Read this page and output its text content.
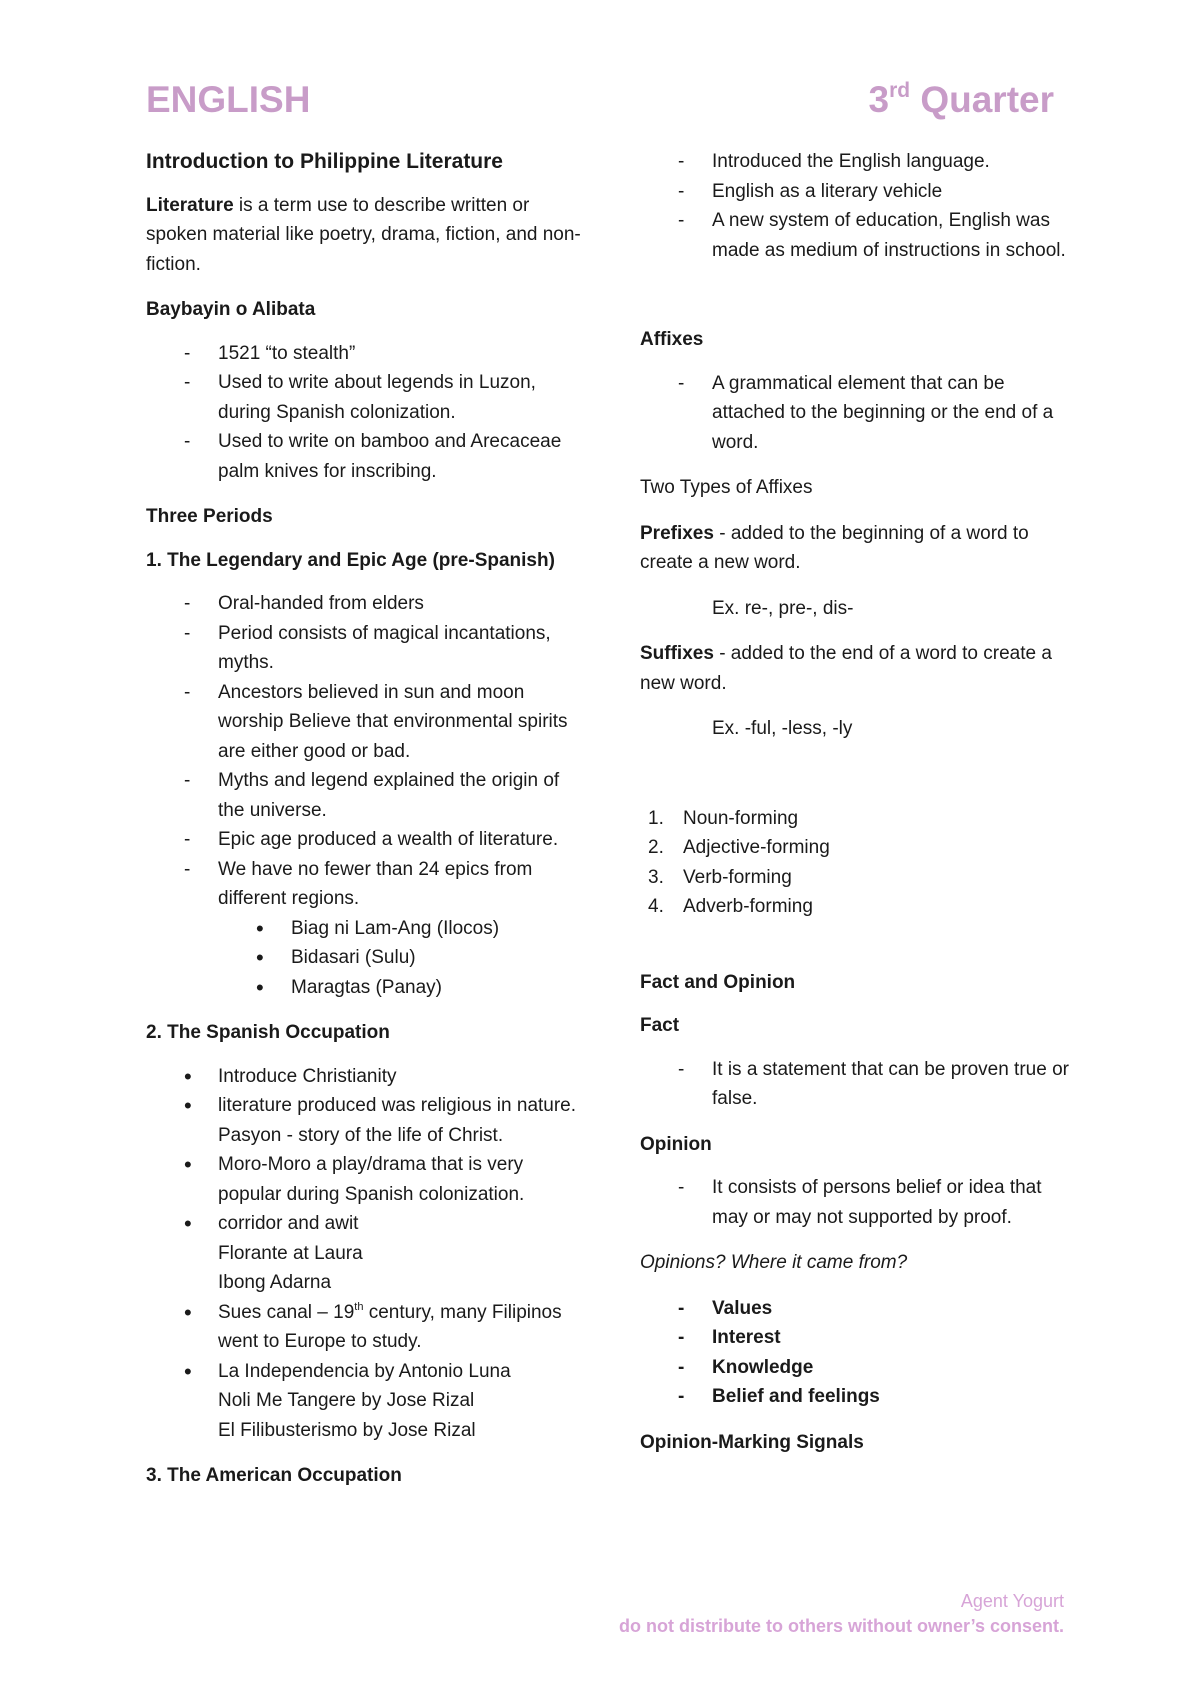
ENGLISH	3rd Quarter

Introduction to Philippine Literature

Literature is a term use to describe written or spoken material like poetry, drama, fiction, and non-fiction.

Baybayin o Alibata

- 1521 “to stealth”
- Used to write about legends in Luzon, during Spanish colonization.
- Used to write on bamboo and Arecaceae palm knives for inscribing.

Three Periods

1. The Legendary and Epic Age (pre-Spanish)

- Oral-handed from elders
- Period consists of magical incantations, myths.
- Ancestors believed in sun and moon worship Believe that environmental spirits are either good or bad.
- Myths and legend explained the origin of the universe.
- Epic age produced a wealth of literature.
- We have no fewer than 24 epics from different regions.
• Biag ni Lam-Ang (Ilocos)
• Bidasari (Sulu)
• Maragtas (Panay)

2. The Spanish Occupation

• Introduce Christianity
• literature produced was religious in nature.
Pasyon - story of the life of Christ.
• Moro-Moro a play/drama that is very popular during Spanish colonization.
• corridor and awit
Florante at Laura
Ibong Adarna
• Sues canal – 19th century, many Filipinos went to Europe to study.
• La Independencia by Antonio Luna
Noli Me Tangere by Jose Rizal
El Filibusterismo by Jose Rizal

3. The American Occupation

- Introduced the English language.
- English as a literary vehicle
- A new system of education, English was made as medium of instructions in school.

Affixes

- A grammatical element that can be attached to the beginning or the end of a word.

Two Types of Affixes

Prefixes - added to the beginning of a word to create a new word.

Ex. re-, pre-, dis-

Suffixes - added to the end of a word to create a new word.

Ex. -ful, -less, -ly

1. Noun-forming
2. Adjective-forming
3. Verb-forming
4. Adverb-forming

Fact and Opinion

Fact

- It is a statement that can be proven true or false.

Opinion

- It consists of persons belief or idea that may or may not supported by proof.

Opinions? Where it came from?

- Values
- Interest
- Knowledge
- Belief and feelings

Opinion-Marking Signals

Agent Yogurt
do not distribute to others without owner’s consent.
